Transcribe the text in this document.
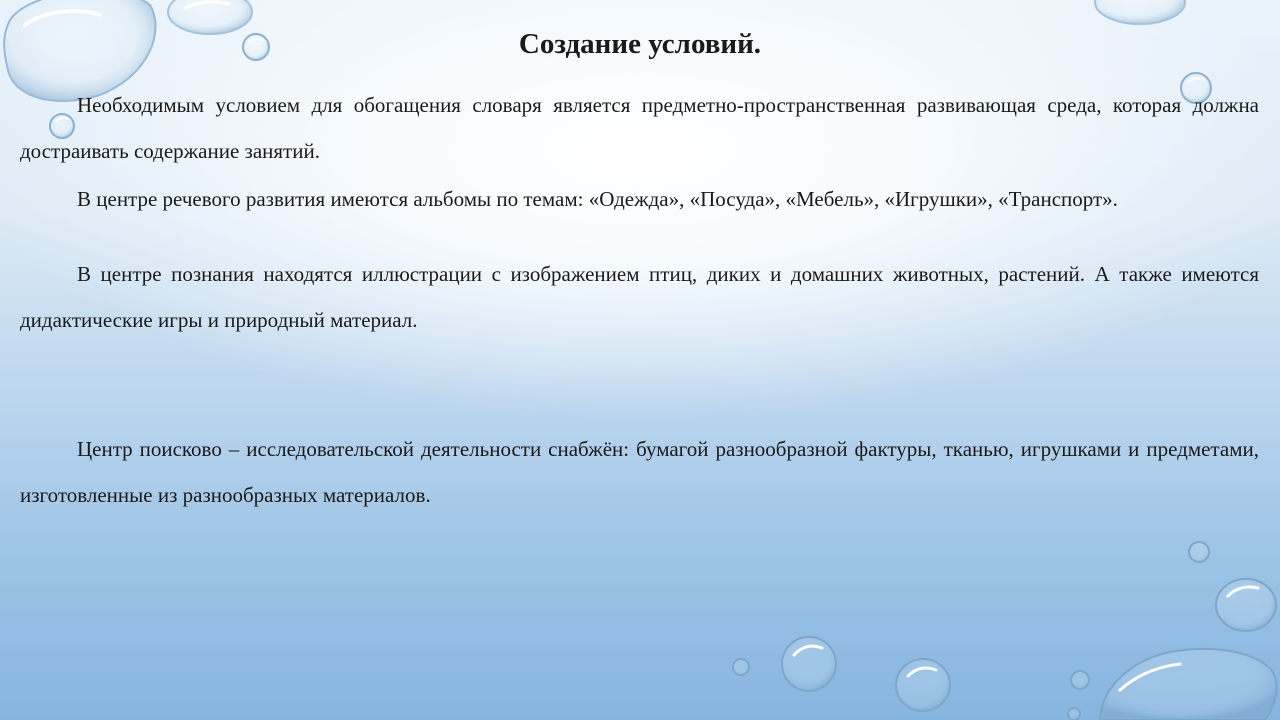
Создание условий.

Необходимым условием для обогащения словаря является предметно-пространственная развивающая среда, которая должна достраивать содержание занятий.

В центре речевого развития имеются альбомы по темам: «Одежда», «Посуда», «Мебель», «Игрушки», «Транспорт».

В центре познания находятся иллюстрации с изображением птиц, диких и домашних животных, растений. А также имеются дидактические игры и природный материал.

Центр поисково – исследовательской деятельности снабжён: бумагой разнообразной фактуры, тканью, игрушками и предметами, изготовленные из разнообразных материалов.
